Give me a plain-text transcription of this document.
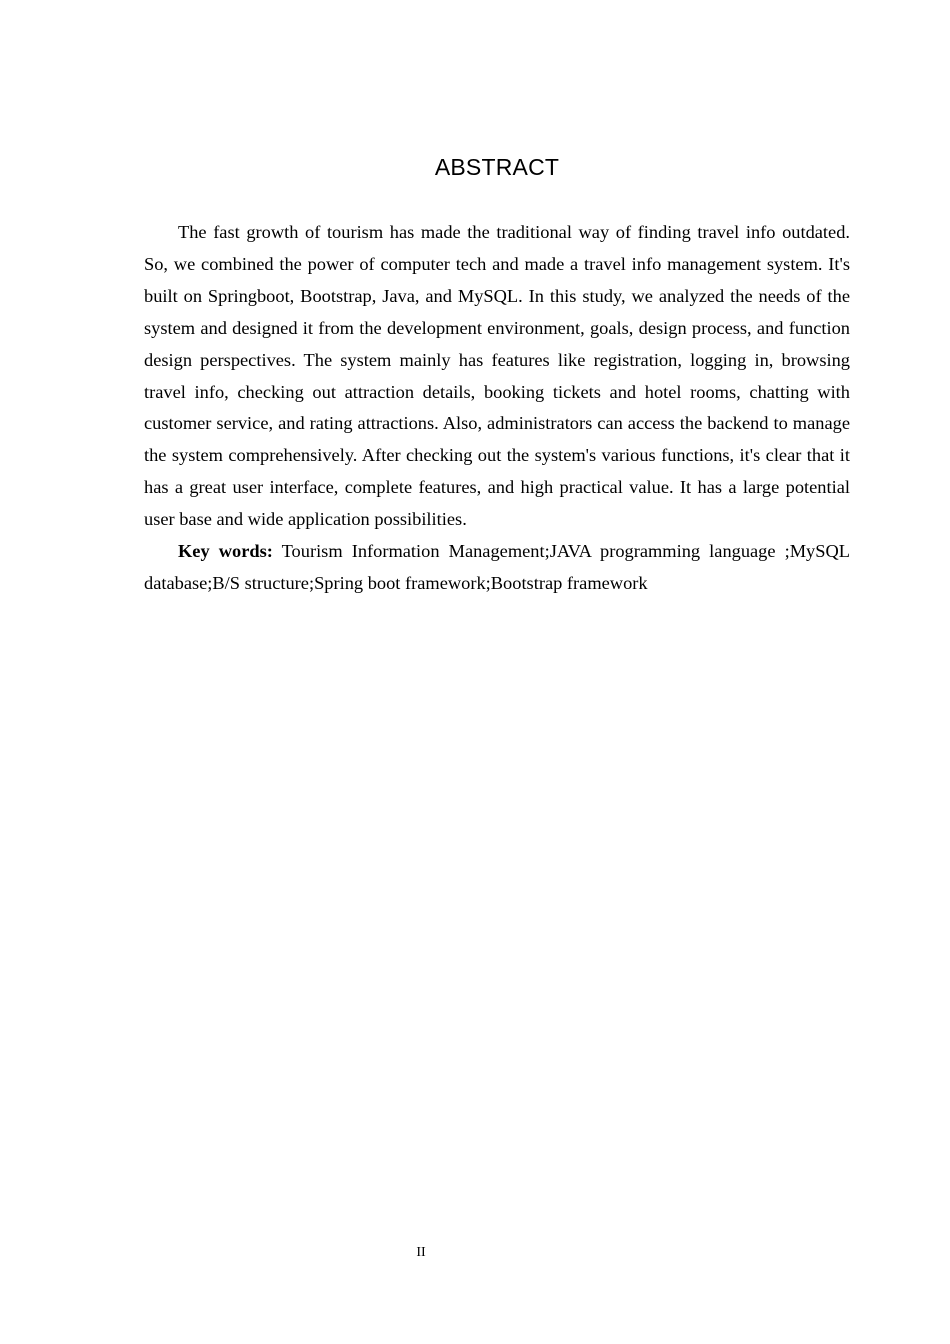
ABSTRACT

The fast growth of tourism has made the traditional way of finding travel info outdated. So, we combined the power of computer tech and made a travel info management system. It's built on Springboot, Bootstrap, Java, and MySQL. In this study, we analyzed the needs of the system and designed it from the development environment, goals, design process, and function design perspectives. The system mainly has features like registration, logging in, browsing travel info, checking out attraction details, booking tickets and hotel rooms, chatting with customer service, and rating attractions. Also, administrators can access the backend to manage the system comprehensively. After checking out the system's various functions, it's clear that it has a great user interface, complete features, and high practical value. It has a large potential user base and wide application possibilities.

Key words: Tourism Information Management;JAVA programming language ;MySQL database;B/S structure;Spring boot framework;Bootstrap framework

II
